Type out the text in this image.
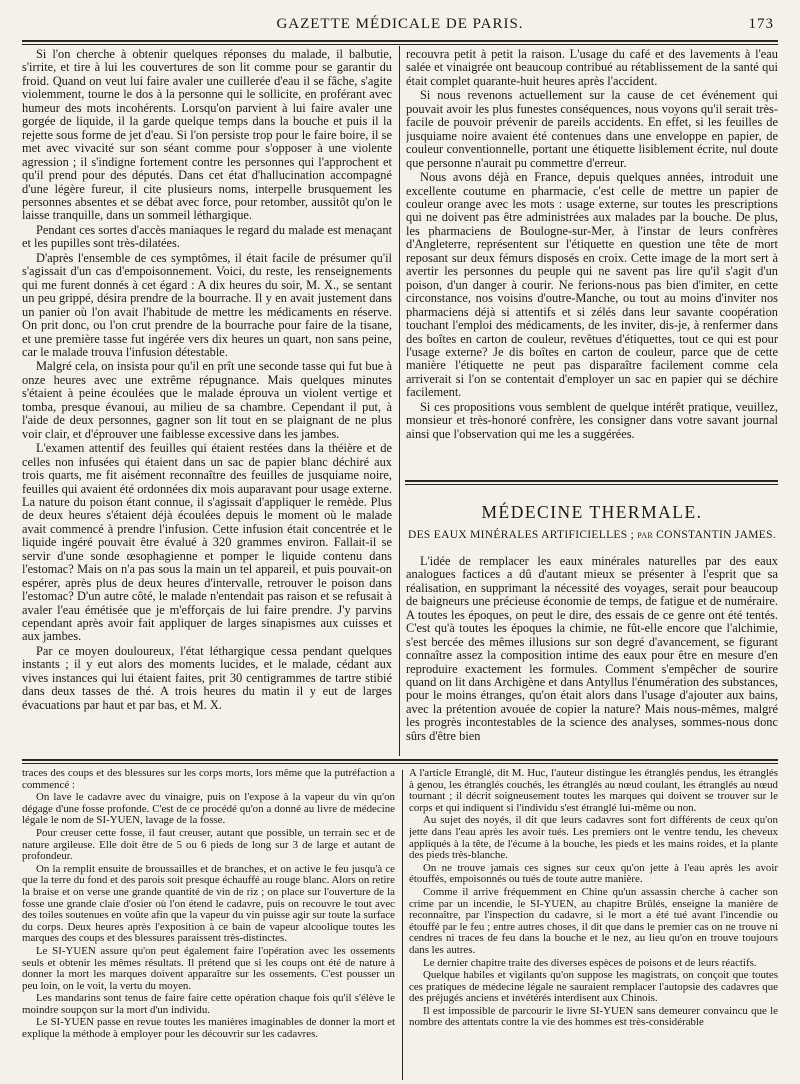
GAZETTE MÉDICALE DE PARIS.	173

Si l'on cherche à obtenir quelques réponses du malade, il balbutie, s'irrite, et tire à lui les couvertures de son lit comme pour se garantir du froid. Quand on veut lui faire avaler une cuillerée d'eau il se fâche, s'agite violemment, tourne le dos à la personne qui le sollicite, en proférant avec humeur des mots incohérents. Lorsqu'on parvient à lui faire avaler une gorgée de liquide, il la garde quelque temps dans la bouche et puis il la rejette sous forme de jet d'eau. Si l'on persiste trop pour le faire boire, il se met avec vivacité sur son séant comme pour s'opposer à une violente agression ; il s'indigne fortement contre les personnes qui l'approchent et qu'il prend pour des députés. Dans cet état d'hallucination accompagné d'une légère fureur, il cite plusieurs noms, interpelle brusquement les personnes absentes et se débat avec force, pour retomber, aussitôt qu'on le laisse tranquille, dans un sommeil léthargique.

Pendant ces sortes d'accès maniaques le regard du malade est menaçant et les pupilles sont très-dilatées.

D'après l'ensemble de ces symptômes, il était facile de présumer qu'il s'agissait d'un cas d'empoisonnement. Voici, du reste, les renseignements qui me furent donnés à cet égard : A dix heures du soir, M. X., se sentant un peu grippé, désira prendre de la bourrache. Il y en avait justement dans un panier où l'on avait l'habitude de mettre les médicaments en réserve. On prit donc, ou l'on crut prendre de la bourrache pour faire de la tisane, et une première tasse fut ingérée vers dix heures un quart, non sans peine, car le malade trouva l'infusion détestable.

Malgré cela, on insista pour qu'il en prît une seconde tasse qui fut bue à onze heures avec une extrême répugnance. Mais quelques minutes s'étaient à peine écoulées que le malade éprouva un violent vertige et tomba, presque évanoui, au milieu de sa chambre. Cependant il put, à l'aide de deux personnes, gagner son lit tout en se plaignant de ne plus voir clair, et d'éprouver une faiblesse excessive dans les jambes.

L'examen attentif des feuilles qui étaient restées dans la théière et de celles non infusées qui étaient dans un sac de papier blanc déchiré aux trois quarts, me fit aisément reconnaître des feuilles de jusquiame noire, feuilles qui avaient été ordonnées dix mois auparavant pour usage externe. La nature du poison étant connue, il s'agissait d'appliquer le remède. Plus de deux heures s'étaient déjà écoulées depuis le moment où le malade avait commencé à prendre l'infusion. Cette infusion était concentrée et le liquide ingéré pouvait être évalué à 320 grammes environ. Fallait-il se servir d'une sonde œsophagienne et pomper le liquide contenu dans l'estomac? Mais on n'a pas sous la main un tel appareil, et puis pouvait-on espérer, après plus de deux heures d'intervalle, retrouver le poison dans l'estomac? D'un autre côté, le malade n'entendait pas raison et se refusait à avaler l'eau émétisée que je m'efforçais de lui faire prendre. J'y parvins cependant après avoir fait appliquer de larges sinapismes aux cuisses et aux jambes.

Par ce moyen douloureux, l'état léthargique cessa pendant quelques instants ; il y eut alors des moments lucides, et le malade, cédant aux vives instances qui lui étaient faites, prit 30 centigrammes de tartre stibié dans deux tasses de thé. A trois heures du matin il y eut de larges évacuations par haut et par bas, et M. X.

recouvra petit à petit la raison. L'usage du café et des lavements à l'eau salée et vinaigrée ont beaucoup contribué au rétablissement de la santé qui était complet quarante-huit heures après l'accident.

Si nous revenons actuellement sur la cause de cet événement qui pouvait avoir les plus funestes conséquences, nous voyons qu'il serait très-facile de pouvoir prévenir de pareils accidents. En effet, si les feuilles de jusquiame noire avaient été contenues dans une enveloppe en papier, de couleur conventionnelle, portant une étiquette lisiblement écrite, nul doute que personne n'aurait pu commettre d'erreur.

Nous avons déjà en France, depuis quelques années, introduit une excellente coutume en pharmacie, c'est celle de mettre un papier de couleur orange avec les mots : usage externe, sur toutes les prescriptions qui ne doivent pas être administrées aux malades par la bouche. De plus, les pharmaciens de Boulogne-sur-Mer, à l'instar de leurs confrères d'Angleterre, représentent sur l'étiquette en question une tête de mort reposant sur deux fémurs disposés en croix. Cette image de la mort sert à avertir les personnes du peuple qui ne savent pas lire qu'il s'agit d'un poison, d'un danger à courir. Ne ferions-nous pas bien d'imiter, en cette circonstance, nos voisins d'outre-Manche, ou tout au moins d'inviter nos pharmaciens déjà si attentifs et si zélés dans leur savante coopération touchant l'emploi des médicaments, de les inviter, dis-je, à renfermer dans des boîtes en carton de couleur, revêtues d'étiquettes, tout ce qui est pour l'usage externe? Je dis boîtes en carton de couleur, parce que de cette manière l'étiquette ne peut pas disparaître facilement comme cela arriverait si l'on se contentait d'employer un sac en papier qui se déchire facilement.

Si ces propositions vous semblent de quelque intérêt pratique, veuillez, monsieur et très-honoré confrère, les consigner dans votre savant journal ainsi que l'observation qui me les a suggérées.

MÉDECINE THERMALE.
DES EAUX MINÉRALES ARTIFICIELLES ; par CONSTANTIN JAMES.

L'idée de remplacer les eaux minérales naturelles par des eaux analogues factices a dû d'autant mieux se présenter à l'esprit que sa réalisation, en supprimant la nécessité des voyages, serait pour beaucoup de baigneurs une précieuse économie de temps, de fatigue et de numéraire. A toutes les époques, on peut le dire, des essais de ce genre ont été tentés. C'est qu'à toutes les époques la chimie, ne fût-elle encore que l'alchimie, s'est bercée des mêmes illusions sur son degré d'avancement, se figurant connaître assez la composition intime des eaux pour être en mesure d'en reproduire exactement les formules. Comment s'empêcher de sourire quand on lit dans Archigène et dans Antyllus l'énumération des substances, pour le moins étranges, qu'on était alors dans l'usage d'ajouter aux bains, avec la prétention avouée de copier la nature? Mais nous-mêmes, malgré les progrès incontestables de la science des analyses, sommes-nous donc sûrs d'être bien

traces des coups et des blessures sur les corps morts, lors même que la putréfaction a commencé :

On lave le cadavre avec du vinaigre, puis on l'expose à la vapeur du vin qu'on dégage d'une fosse profonde. C'est de ce procédé qu'on a donné au livre de médecine légale le nom de SI-YUEN, lavage de la fosse.

Pour creuser cette fosse, il faut creuser, autant que possible, un terrain sec et de nature argileuse. Elle doit être de 5 ou 6 pieds de long sur 3 de large et autant de profondeur.

On la remplit ensuite de broussailles et de branches, et on active le feu jusqu'à ce que la terre du fond et des parois soit presque échauffé au rouge blanc. Alors on retire la braise et on verse une grande quantité de vin de riz ; on place sur l'ouverture de la fosse une grande claie d'osier où l'on étend le cadavre, puis on recouvre le tout avec des toiles soutenues en voûte afin que la vapeur du vin puisse agir sur toute la surface du corps. Deux heures après l'exposition à ce bain de vapeur alcoolique toutes les marques des coups et des blessures paraissent très-distinctes.

Le SI-YUEN assure qu'on peut également faire l'opération avec les ossements seuls et obtenir les mêmes résultats. Il prétend que si les coups ont été de nature à donner la mort les marques doivent apparaître sur les ossements. C'est pousser un peu loin, on le voit, la vertu du moyen.

Les mandarins sont tenus de faire faire cette opération chaque fois qu'il s'élève le moindre soupçon sur la mort d'un individu.

Le SI-YUEN passe en revue toutes les manières imaginables de donner la mort et explique la méthode à employer pour les découvrir sur les cadavres.

A l'article Étranglé, dit M. Huc, l'auteur distingue les étranglés pendus, les étranglés à genou, les étranglés couchés, les étranglés au nœud coulant, les étranglés au nœud tournant ; il décrit soigneusement toutes les marques qui doivent se trouver sur le corps et qui indiquent si l'individu s'est étranglé lui-même ou non.

Au sujet des noyés, il dit que leurs cadavres sont fort différents de ceux qu'on jette dans l'eau après les avoir tués. Les premiers ont le ventre tendu, les cheveux appliqués à la tête, de l'écume à la bouche, les pieds et les mains roides, et la plante des pieds très-blanche.

On ne trouve jamais ces signes sur ceux qu'on jette à l'eau après les avoir étouffés, empoisonnés ou tués de toute autre manière.

Comme il arrive fréquemment en Chine qu'un assassin cherche à cacher son crime par un incendie, le SI-YUEN, au chapitre Brûlés, enseigne la manière de reconnaître, par l'inspection du cadavre, si le mort a été tué avant l'incendie ou étouffé par le feu ; entre autres choses, il dit que dans le premier cas on ne trouve ni cendres ni traces de feu dans la bouche et le nez, au lieu qu'on en trouve toujours dans les autres.

Le dernier chapitre traite des diverses espèces de poisons et de leurs réactifs.

Quelque habiles et vigilants qu'on suppose les magistrats, on conçoit que toutes ces pratiques de médecine légale ne sauraient remplacer l'autopsie des cadavres que des préjugés anciens et invétérés interdisent aux Chinois.

Il est impossible de parcourir le livre SI-YUEN sans demeurer convaincu que le nombre des attentats contre la vie des hommes est très-considérable
